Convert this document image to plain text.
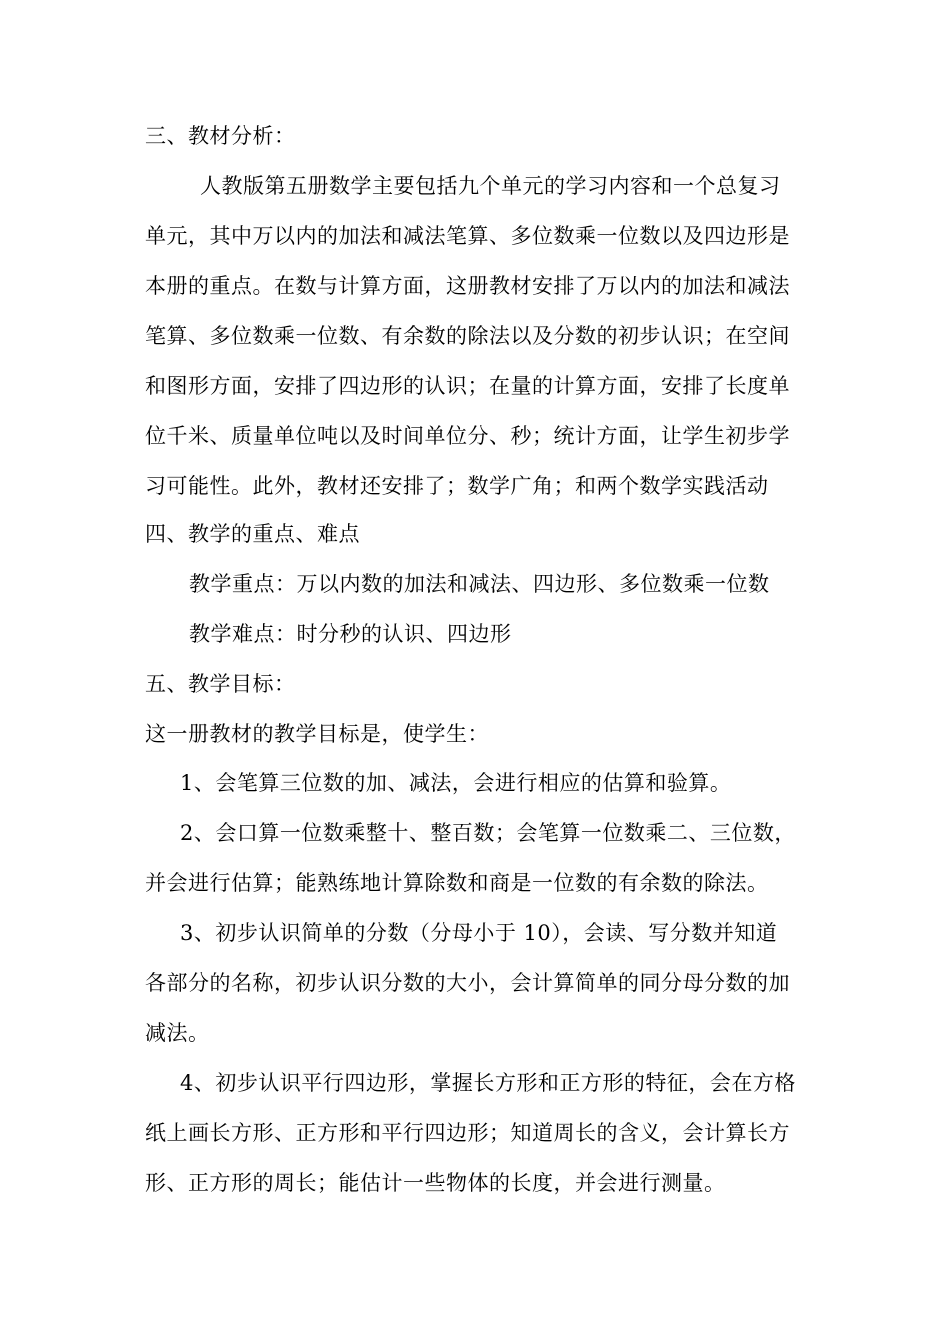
三、教材分析：
人教版第五册数学主要包括九个单元的学习内容和一个总复习
单元，其中万以内的加法和减法笔算、多位数乘一位数以及四边形是
本册的重点。在数与计算方面，这册教材安排了万以内的加法和减法
笔算、多位数乘一位数、有余数的除法以及分数的初步认识；在空间
和图形方面，安排了四边形的认识；在量的计算方面，安排了长度单
位千米、质量单位吨以及时间单位分、秒；统计方面，让学生初步学
习可能性。此外，教材还安排了；数学广角；和两个数学实践活动
四、教学的重点、难点
教学重点：万以内数的加法和减法、四边形、多位数乘一位数
教学难点：时分秒的认识、四边形
五、教学目标：
这一册教材的教学目标是，使学生：
1、会笔算三位数的加、减法，会进行相应的估算和验算。
2、会口算一位数乘整十、整百数；会笔算一位数乘二、三位数，
并会进行估算；能熟练地计算除数和商是一位数的有余数的除法。
3、初步认识简单的分数（分母小于 10），会读、写分数并知道
各部分的名称，初步认识分数的大小，会计算简单的同分母分数的加
减法。
4、初步认识平行四边形，掌握长方形和正方形的特征，会在方格
纸上画长方形、正方形和平行四边形；知道周长的含义，会计算长方
形、正方形的周长；能估计一些物体的长度，并会进行测量。
